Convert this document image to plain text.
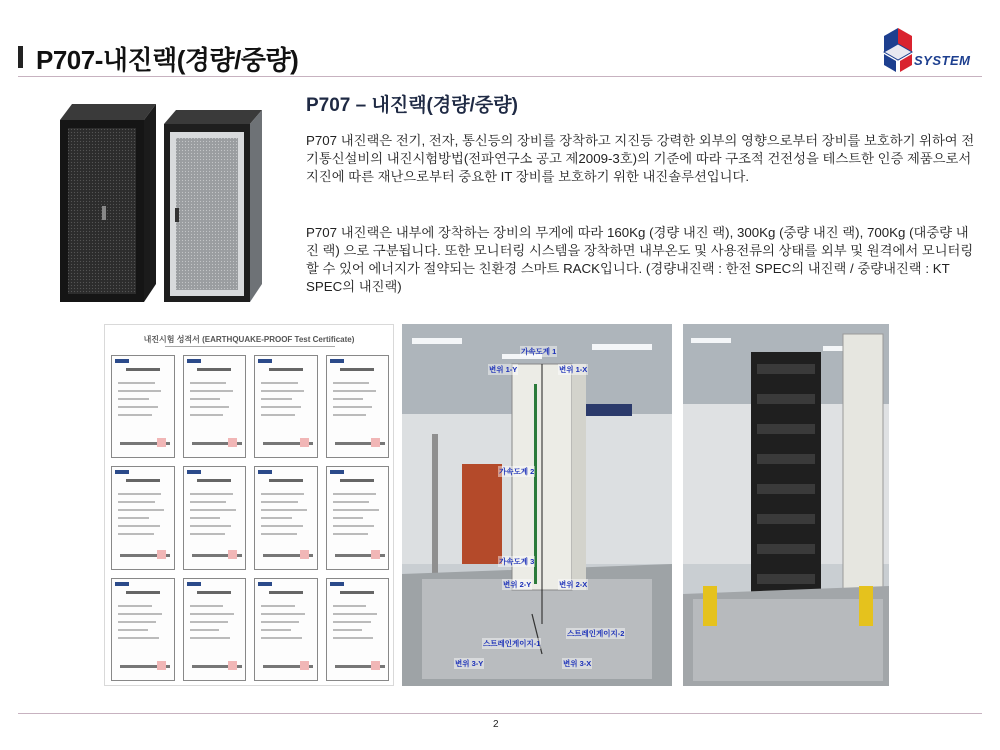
P707-내진랙(경량/중량)	SYSTEM
P707 – 내진랙(경량/중량)

P707 내진랙은 전기, 전자, 통신등의 장비를 장착하고 지진등 강력한 외부의 영향으로부터 장비를 보호하기 위하여 전기통신설비의 내진시험방법(전파연구소 공고 제2009-3호)의 기준에 따라 구조적 건전성을 테스트한 인증 제품으로서 지진에 따른 재난으로부터 중요한 IT 장비를 보호하기 위한 내진솔루션입니다.

P707 내진랙은 내부에 장착하는 장비의 무게에 따라 160Kg (경량 내진 랙), 300Kg (중량 내진 랙), 700Kg (대중량 내진 랙) 으로 구분됩니다. 또한 모니터링 시스템을 장착하면 내부온도 및 사용전류의 상태를 외부 및 원격에서 모니터링할 수 있어 에너지가 절약되는 친환경 스마트 RACK입니다. (경량내진랙 : 한전 SPEC의 내진랙 / 중량내진랙 : KT SPEC의 내진랙)

내진시험 성적서 (EARTHQUAKE-PROOF Test Certificate)
가속도계 1
변위 1-Y	변위 1-X
가속도계 2
가속도계 3
변위 2-Y	변위 2-X
스트레인게이지-1
스트레인게이지-2
변위 3-Y	변위 3-X
2
